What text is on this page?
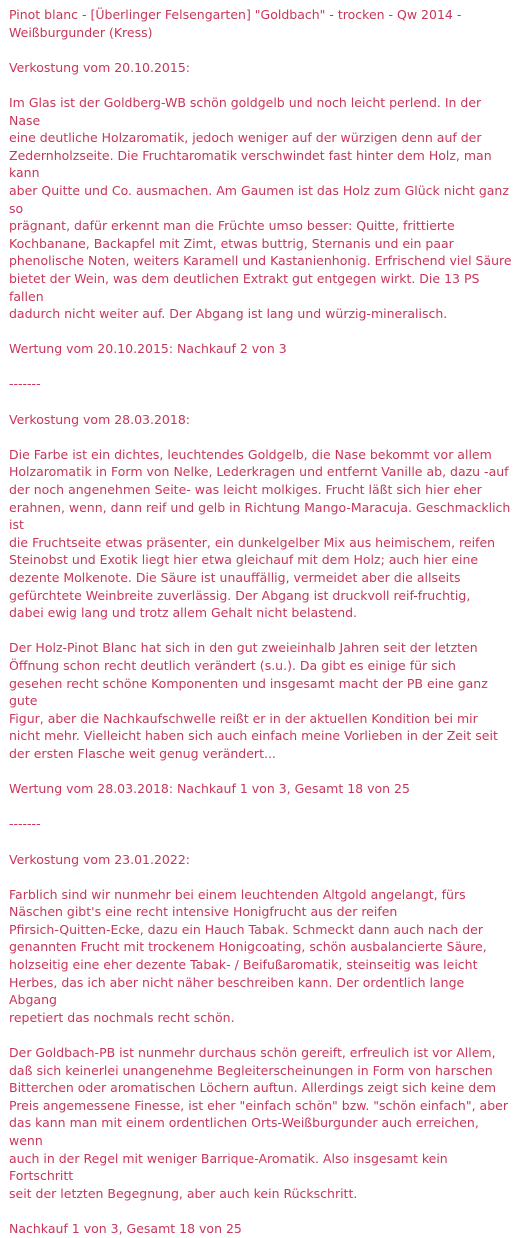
Pinot blanc - [Überlinger Felsengarten] "Goldbach" - trocken - Qw 2014 -
Weißburgunder (Kress)

Verkostung vom 20.10.2015:

Im Glas ist der Goldberg-WB schön goldgelb und noch leicht perlend. In der Nase
eine deutliche Holzaromatik, jedoch weniger auf der würzigen denn auf der
Zedernholzseite. Die Fruchtaromatik verschwindet fast hinter dem Holz, man kann
aber Quitte und Co. ausmachen. Am Gaumen ist das Holz zum Glück nicht ganz so
prägnant, dafür erkennt man die Früchte umso besser: Quitte, frittierte
Kochbanane, Backapfel mit Zimt, etwas buttrig, Sternanis und ein paar
phenolische Noten, weiters Karamell und Kastanienhonig. Erfrischend viel Säure
bietet der Wein, was dem deutlichen Extrakt gut entgegen wirkt. Die 13 PS fallen
dadurch nicht weiter auf. Der Abgang ist lang und würzig-mineralisch.

Wertung vom 20.10.2015: Nachkauf 2 von 3

-------

Verkostung vom 28.03.2018:

Die Farbe ist ein dichtes, leuchtendes Goldgelb, die Nase bekommt vor allem
Holzaromatik in Form von Nelke, Lederkragen und entfernt Vanille ab, dazu -auf
der noch angenehmen Seite- was leicht molkiges. Frucht läßt sich hier eher
erahnen, wenn, dann reif und gelb in Richtung Mango-Maracuja. Geschmacklich ist
die Fruchtseite etwas präsenter, ein dunkelgelber Mix aus heimischem, reifen
Steinobst und Exotik liegt hier etwa gleichauf mit dem Holz; auch hier eine
dezente Molkenote. Die Säure ist unauffällig, vermeidet aber die allseits
gefürchtete Weinbreite zuverlässig. Der Abgang ist druckvoll reif-fruchtig,
dabei ewig lang und trotz allem Gehalt nicht belastend.

Der Holz-Pinot Blanc hat sich in den gut zweieinhalb Jahren seit der letzten
Öffnung schon recht deutlich verändert (s.u.). Da gibt es einige für sich
gesehen recht schöne Komponenten und insgesamt macht der PB eine ganz gute
Figur, aber die Nachkaufschwelle reißt er in der aktuellen Kondition bei mir
nicht mehr. Vielleicht haben sich auch einfach meine Vorlieben in der Zeit seit
der ersten Flasche weit genug verändert...

Wertung vom 28.03.2018: Nachkauf 1 von 3, Gesamt 18 von 25

-------

Verkostung vom 23.01.2022:

Farblich sind wir nunmehr bei einem leuchtenden Altgold angelangt, fürs
Näschen gibt's eine recht intensive Honigfrucht aus der reifen
Pfirsich-Quitten-Ecke, dazu ein Hauch Tabak. Schmeckt dann auch nach der
genannten Frucht mit trockenem Honigcoating, schön ausbalancierte Säure,
holzseitig eine eher dezente Tabak- / Beifußaromatik, steinseitig was leicht
Herbes, das ich aber nicht näher beschreiben kann. Der ordentlich lange Abgang
repetiert das nochmals recht schön.

Der Goldbach-PB ist nunmehr durchaus schön gereift, erfreulich ist vor Allem,
daß sich keinerlei unangenehme Begleiterscheinungen in Form von harschen
Bitterchen oder aromatischen Löchern auftun. Allerdings zeigt sich keine dem
Preis angemessene Finesse, ist eher "einfach schön" bzw. "schön einfach", aber
das kann man mit einem ordentlichen Orts-Weißburgunder auch erreichen, wenn
auch in der Regel mit weniger Barrique-Aromatik. Also insgesamt kein Fortschritt
seit der letzten Begegnung, aber auch kein Rückschritt.

Nachkauf 1 von 3, Gesamt 18 von 25
